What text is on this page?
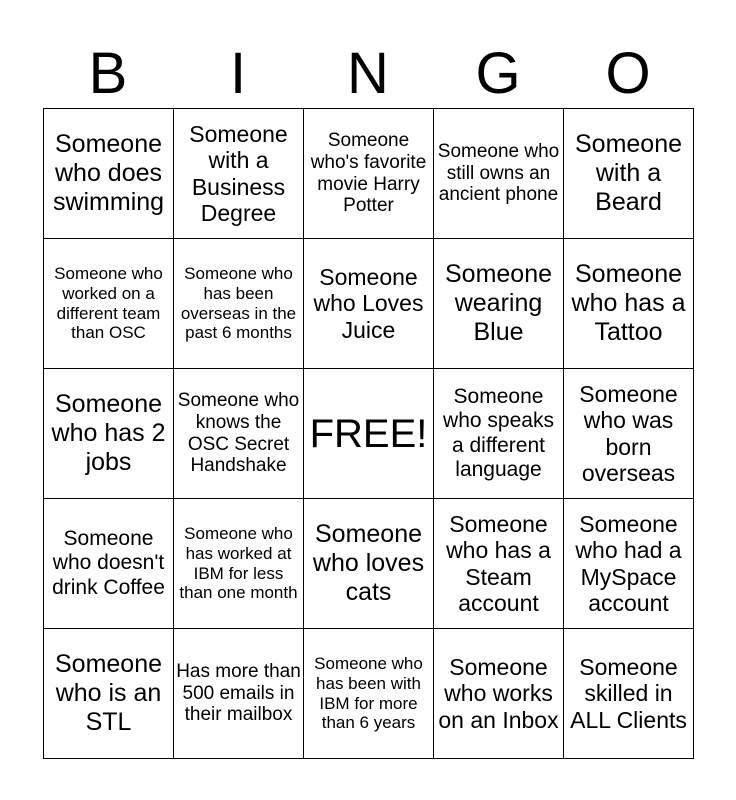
B	I	N	G	O
Someone who does swimming	Someone with a Business Degree	Someone who's favorite movie Harry Potter	Someone who still owns an ancient phone	Someone with a Beard
Someone who worked on a different team than OSC	Someone who has been overseas in the past 6 months	Someone who Loves Juice	Someone wearing Blue	Someone who has a Tattoo
Someone who has 2 jobs	Someone who knows the OSC Secret Handshake	FREE!	Someone who speaks a different language	Someone who was born overseas
Someone who doesn't drink Coffee	Someone who has worked at IBM for less than one month	Someone who loves cats	Someone who has a Steam account	Someone who had a MySpace account
Someone who is an STL	Has more than 500 emails in their mailbox	Someone who has been with IBM for more than 6 years	Someone who works on an Inbox	Someone skilled in ALL Clients
